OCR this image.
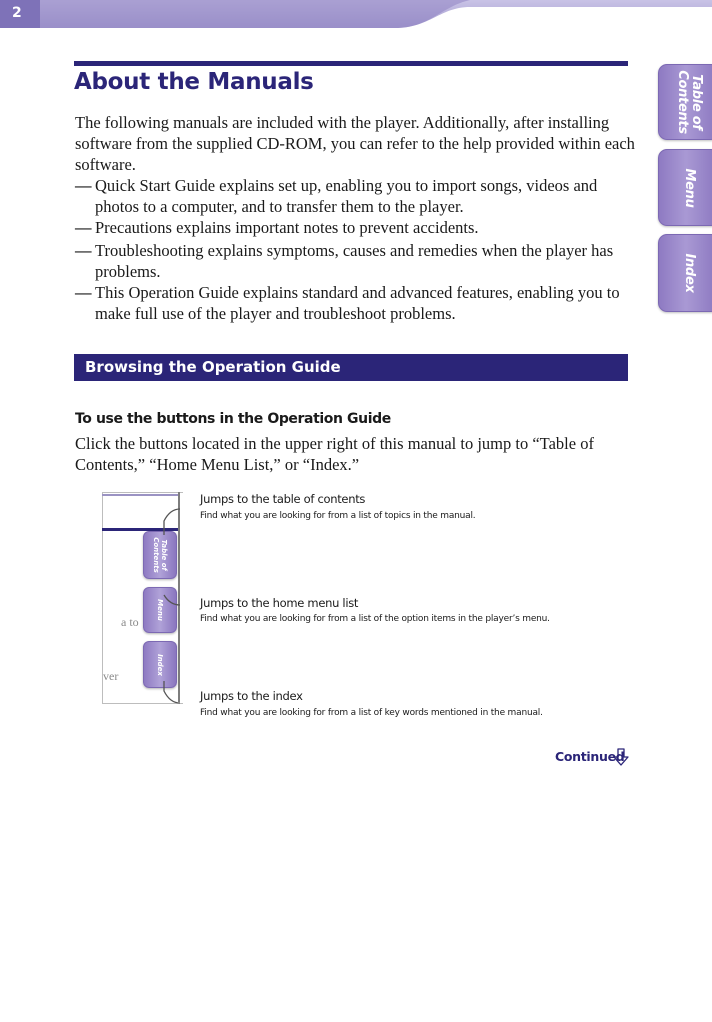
2
Table of
Contents
Menu
Index
About the Manuals
The following manuals are included with the player. Additionally, after installing software from the supplied CD-ROM, you can refer to the help provided within each software.
— Quick Start Guide explains set up, enabling you to import songs, videos and photos to a computer, and to transfer them to the player.
— Precautions explains important notes to prevent accidents.
— Troubleshooting explains symptoms, causes and remedies when the player has problems.
— This Operation Guide explains standard and advanced features, enabling you to make full use of the player and troubleshoot problems.
Browsing the Operation Guide
To use the buttons in the Operation Guide
Click the buttons located in the upper right of this manual to jump to “Table of Contents,” “Home Menu List,” or “Index.”
Table of
Contents
Menu
Index
a to
ver
Jumps to the table of contents
Find what you are looking for from a list of topics in the manual.
Jumps to the home menu list
Find what you are looking for from a list of the option items in the player’s menu.
Jumps to the index
Find what you are looking for from a list of key words mentioned in the manual.
Continued
